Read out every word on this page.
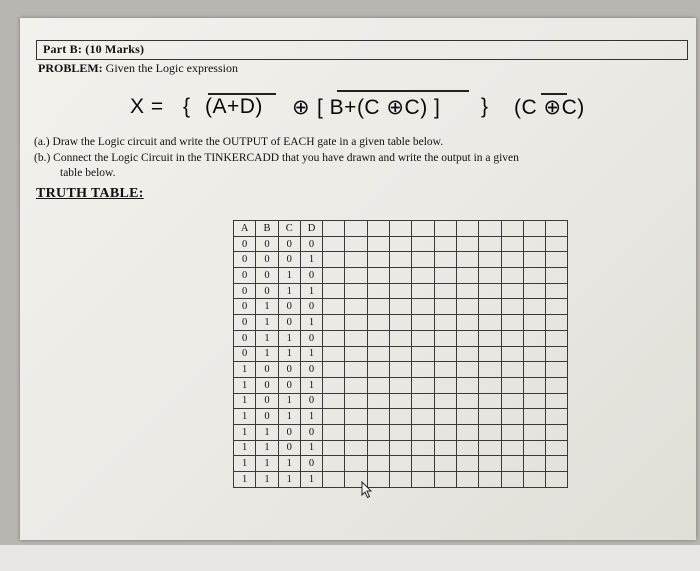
Part B: (10 Marks)
PROBLEM: Given the Logic expression
X = { (A+D) ⊕ [ B+(C ⊕C) ] } (C ⊕C)
(a.) Draw the Logic circuit and write the OUTPUT of EACH gate in a given table below.
(b.) Connect the Logic Circuit in the TINKERCADD that you have drawn and write the output in a given
table below.
TRUTH TABLE:
A	B	C	D											
0	0	0	0											
0	0	0	1											
0	0	1	0											
0	0	1	1											
0	1	0	0											
0	1	0	1											
0	1	1	0											
0	1	1	1											
1	0	0	0											
1	0	0	1											
1	0	1	0											
1	0	1	1											
1	1	0	0											
1	1	0	1											
1	1	1	0											
1	1	1	1											
